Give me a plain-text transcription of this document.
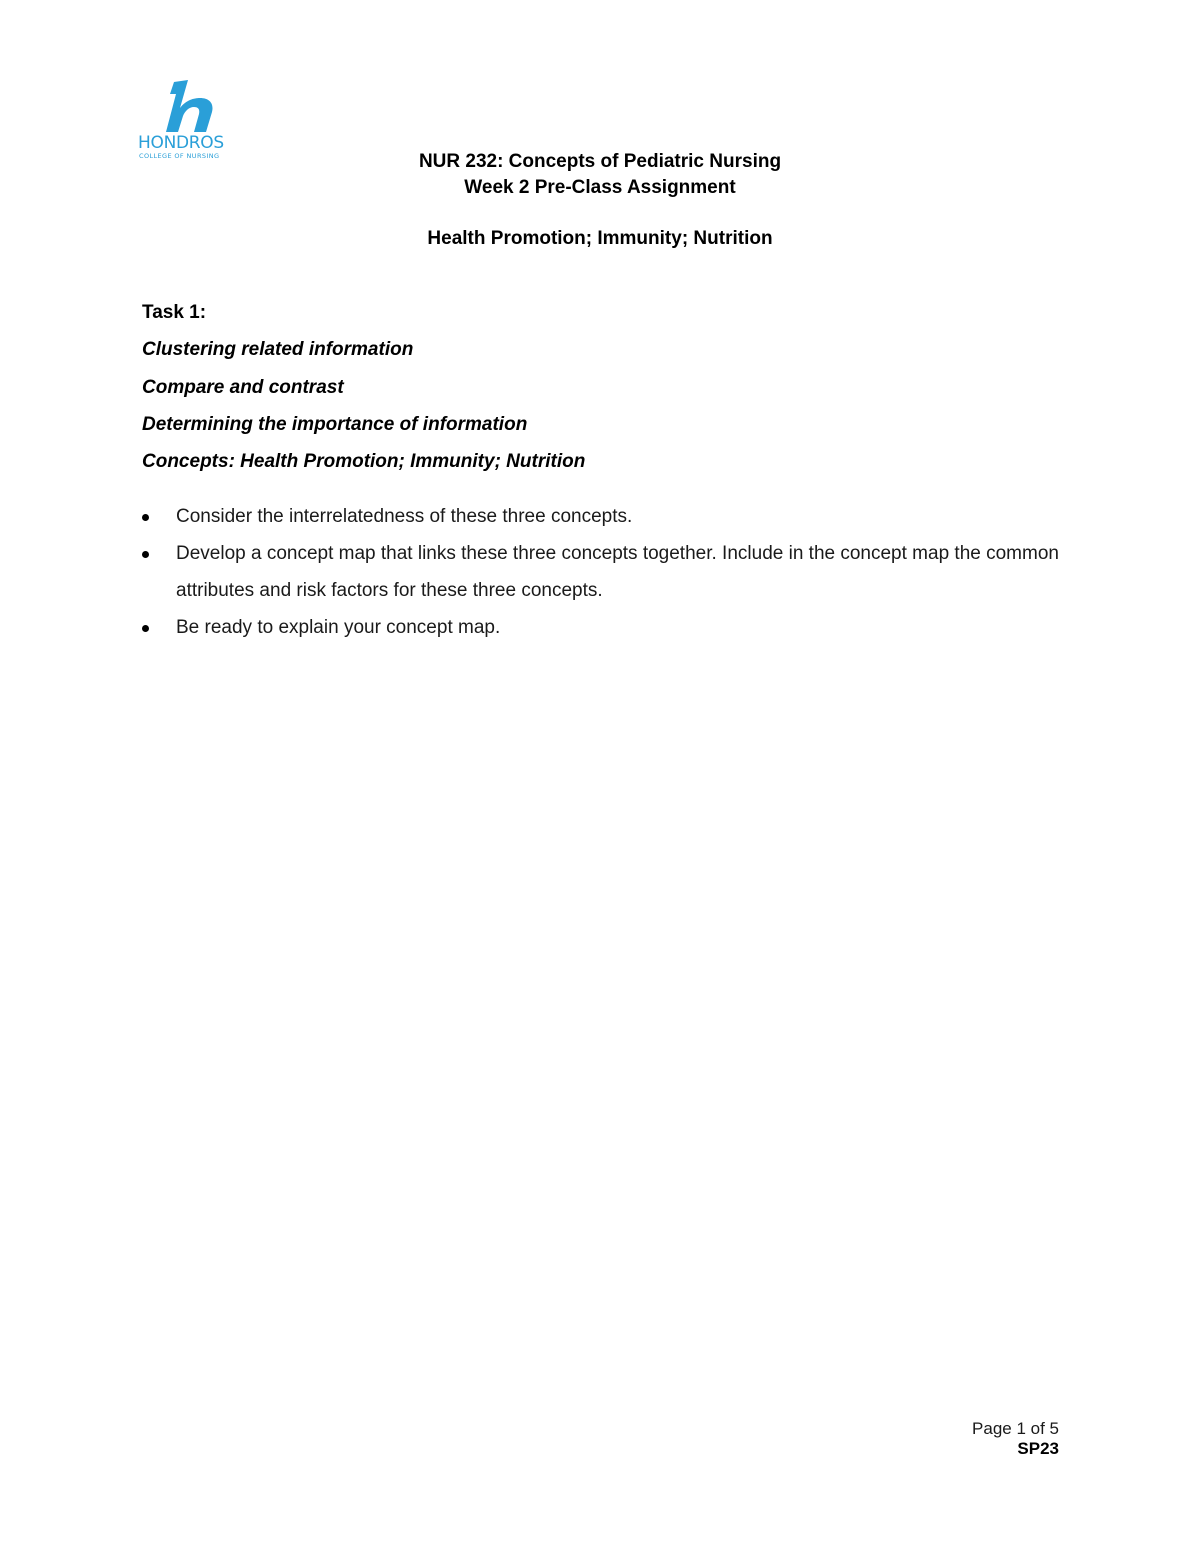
HONDROS
COLLEGE OF NURSING	NUR 232: Concepts of Pediatric Nursing
Week 2 Pre-Class Assignment
Health Promotion; Immunity; Nutrition
Task 1:
Clustering related information
Compare and contrast
Determining the importance of information
Concepts: Health Promotion; Immunity; Nutrition
Consider the interrelatedness of these three concepts.
Develop a concept map that links these three concepts together. Include in the concept map the common attributes and risk factors for these three concepts.
Be ready to explain your concept map.
Page 1 of 5
SP23
